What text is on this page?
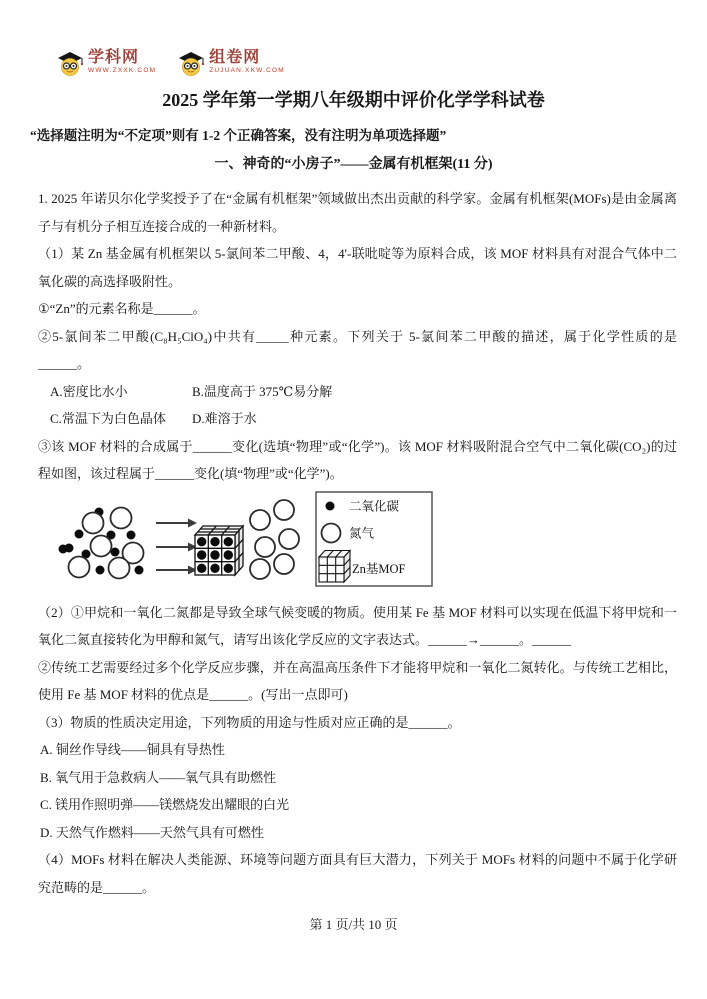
学科网
WWW.ZXXK.COM
组卷网
ZUJUAN.XKW.COM
2025 学年第一学期八年级期中评价化学学科试卷
“选择题注明为“不定项”则有 1-2 个正确答案，没有注明为单项选择题”
一、神奇的“小房子”——金属有机框架(11 分)

1. 2025 年诺贝尔化学奖授予了在“金属有机框架”领域做出杰出贡献的科学家。金属有机框架(MOFs)是由金属离子与有机分子相互连接合成的一种新材料。

（1）某 Zn 基金属有机框架以 5-氯间苯二甲酸、4，4'-联吡啶等为原料合成，该 MOF 材料具有对混合气体中二氧化碳的高选择吸附性。

①“Zn”的元素名称是______。

②5-氯间苯二甲酸(C₈H₅ClO₄)中共有_____种元素。下列关于 5-氯间苯二甲酸的描述，属于化学性质的是______。

A.密度比水小	B.温度高于 375℃易分解
C.常温下为白色晶体	D.难溶于水

③该 MOF 材料的合成属于______变化(选填“物理”或“化学”)。该 MOF 材料吸附混合空气中二氧化碳(CO₂)的过程如图，该过程属于______变化(填“物理”或“化学”)。

二氧化碳
氮气
Zn基MOF

（2）①甲烷和一氧化二氮都是导致全球气候变暖的物质。使用某 Fe 基 MOF 材料可以实现在低温下将甲烷和一氧化二氮直接转化为甲醇和氮气，请写出该化学反应的文字表达式。______→______。______

②传统工艺需要经过多个化学反应步骤，并在高温高压条件下才能将甲烷和一氧化二氮转化。与传统工艺相比，使用 Fe 基 MOF 材料的优点是______。(写出一点即可)

（3）物质的性质决定用途，下列物质的用途与性质对应正确的是______。

A. 铜丝作导线——铜具有导热性

B. 氧气用于急救病人——氧气具有助燃性

C. 镁用作照明弹——镁燃烧发出耀眼的白光

D. 天然气作燃料——天然气具有可燃性

（4）MOFs 材料在解决人类能源、环境等问题方面具有巨大潜力，下列关于 MOFs 材料的问题中不属于化学研究范畴的是______。

第 1 页/共 10 页
